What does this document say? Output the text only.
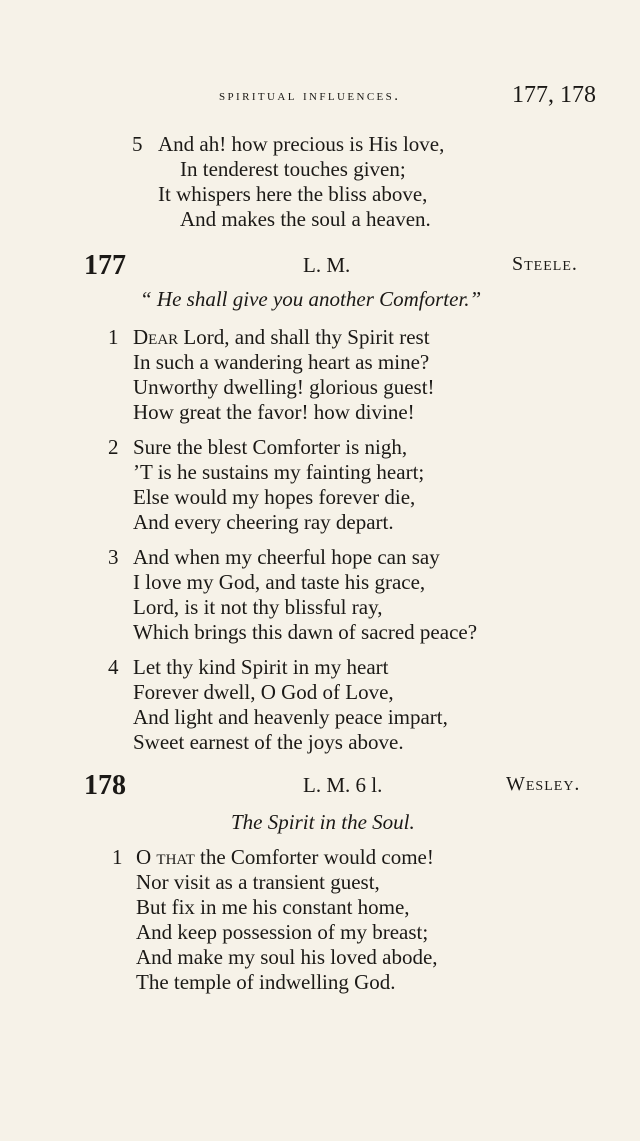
spiritual influences.	177, 178
5 And ah! how precious is His love,
In tenderest touches given;
It whispers here the bliss above,
And makes the soul a heaven.
177	L. M.	Steele.
“ He shall give you another Comforter.”
1 Dear Lord, and shall thy Spirit rest
In such a wandering heart as mine?
Unworthy dwelling! glorious guest!
How great the favor! how divine!
2 Sure the blest Comforter is nigh,
’T is he sustains my fainting heart;
Else would my hopes forever die,
And every cheering ray depart.
3 And when my cheerful hope can say
I love my God, and taste his grace,
Lord, is it not thy blissful ray,
Which brings this dawn of sacred peace?
4 Let thy kind Spirit in my heart
Forever dwell, O God of Love,
And light and heavenly peace impart,
Sweet earnest of the joys above.
178	L. M. 6 l.	Wesley.
The Spirit in the Soul.
1 O that the Comforter would come!
Nor visit as a transient guest,
But fix in me his constant home,
And keep possession of my breast;
And make my soul his loved abode,
The temple of indwelling God.
